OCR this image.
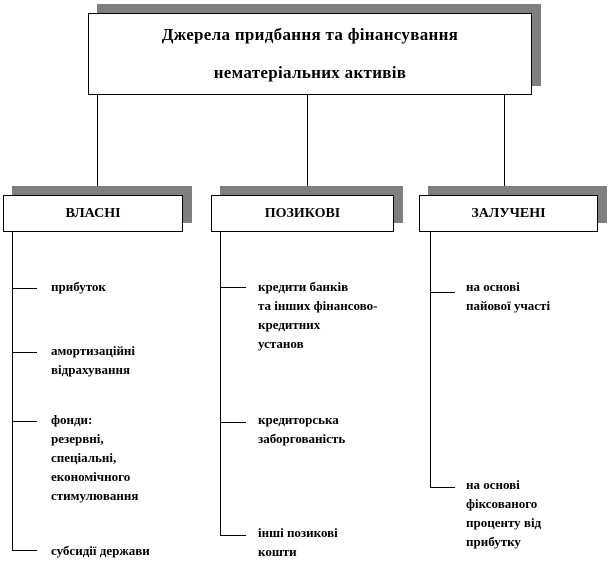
Джерела придбання та фінансування
нематеріальних активів
ВЛАСНІ	ПОЗИКОВІ	ЗАЛУЧЕНІ
прибуток
амортизаційні
відрахування
фонди:
резервні,
спеціальні,
економічного
стимулювання
субсидії держави
кредити банків
та інших фінансово-
кредитних
установ
кредиторська
заборгованість
інші позикові
кошти
на основі
пайової участі
на основі
фіксованого
проценту від
прибутку
